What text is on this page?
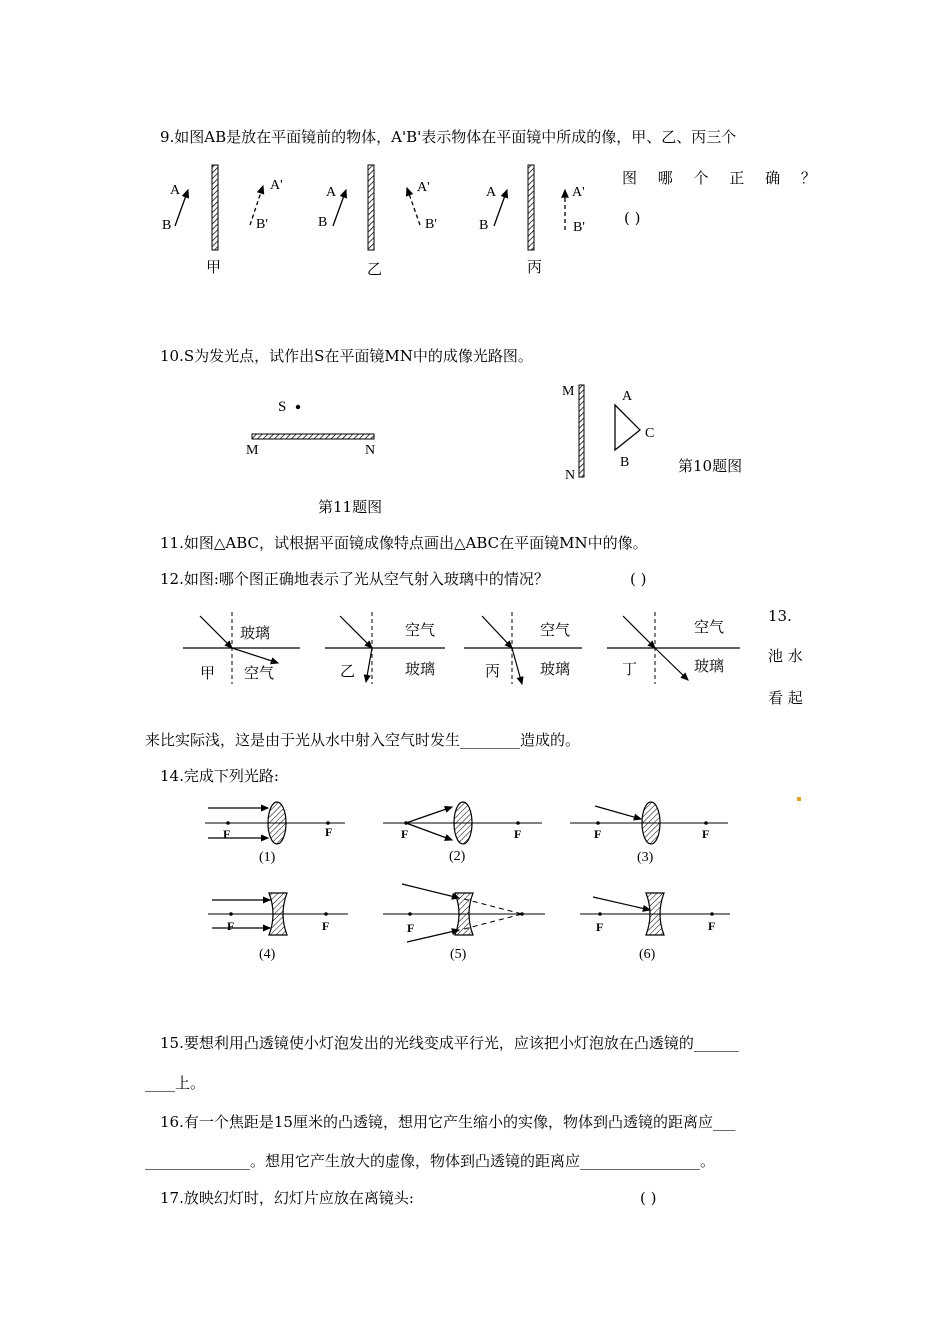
9.如图AB是放在平面镜前的物体，A'B'表示物体在平面镜中所成的像，甲、乙、丙三个
图 哪 个 正 确 ？
( )
A
B
A'
B'
甲
A
B
A'
B'
乙
A
B
A'
B'
丙
10.S为发光点，试作出S在平面镜MN中的成像光路图。
S
M	N
第11题图
M
N
A
B
C
第10题图
11.如图△ABC，试根据平面镜成像特点画出△ABC在平面镜MN中的像。
12.如图:哪个图正确地表示了光从空气射入玻璃中的情况？	( )
玻璃
空气
甲
空气
玻璃
乙
空气
玻璃
丙
空气
玻璃
丁
13.
池 水
看 起
来比实际浅，这是由于光从水中射入空气时发生________造成的。
14.完成下列光路:
F	F
(1)
F	F
(2)
F	F
(3)
F	F
(4)
F
(5)
F	F
(6)
15.要想利用凸透镜使小灯泡发出的光线变成平行光，应该把小灯泡放在凸透镜的______
____上。
16.有一个焦距是15厘米的凸透镜，想用它产生缩小的实像，物体到凸透镜的距离应___
______________。想用它产生放大的虚像，物体到凸透镜的距离应________________。
17.放映幻灯时，幻灯片应放在离镜头:	( )
